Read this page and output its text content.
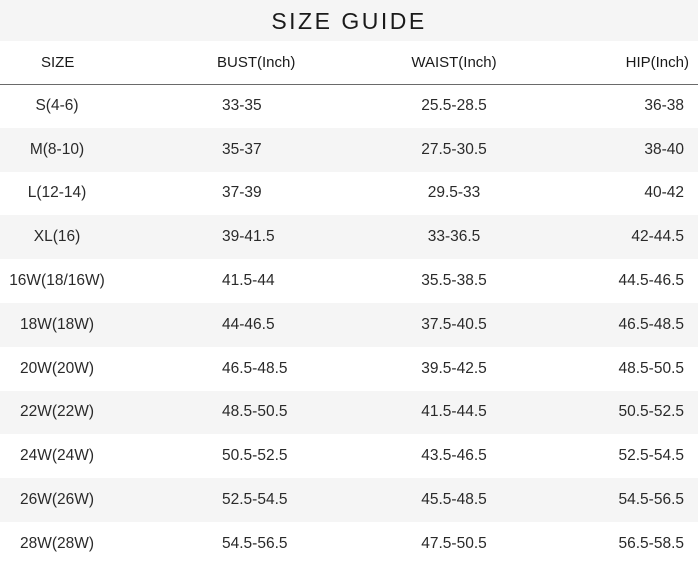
SIZE GUIDE
SIZE	BUST(Inch)	WAIST(Inch)	HIP(Inch)
S(4-6)	33-35	25.5-28.5	36-38
M(8-10)	35-37	27.5-30.5	38-40
L(12-14)	37-39	29.5-33	40-42
XL(16)	39-41.5	33-36.5	42-44.5
16W(18/16W)	41.5-44	35.5-38.5	44.5-46.5
18W(18W)	44-46.5	37.5-40.5	46.5-48.5
20W(20W)	46.5-48.5	39.5-42.5	48.5-50.5
22W(22W)	48.5-50.5	41.5-44.5	50.5-52.5
24W(24W)	50.5-52.5	43.5-46.5	52.5-54.5
26W(26W)	52.5-54.5	45.5-48.5	54.5-56.5
28W(28W)	54.5-56.5	47.5-50.5	56.5-58.5
